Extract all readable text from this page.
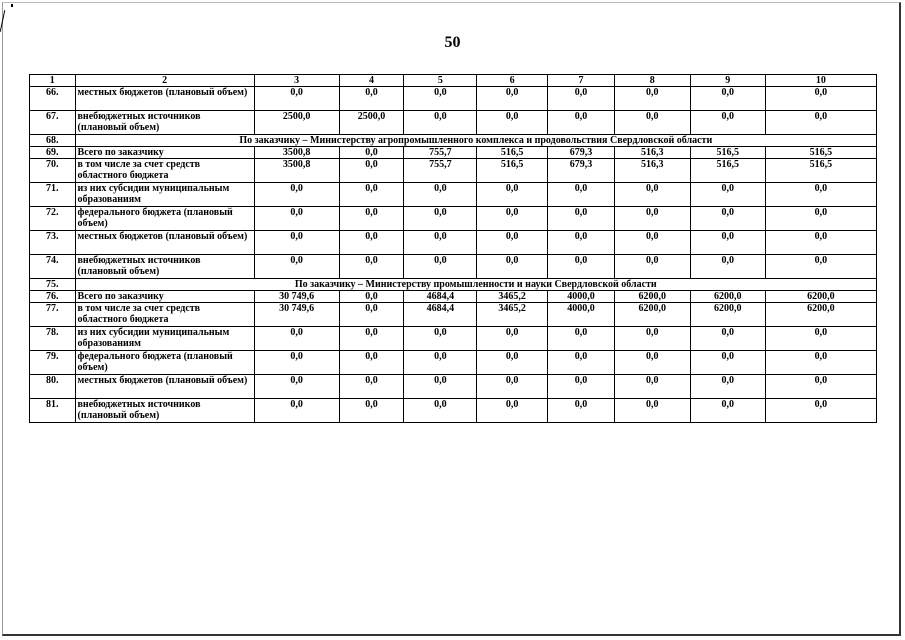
50
1	2	3	4	5	6	7	8	9	10
66.	местных бюджетов (плановый объем)	0,0	0,0	0,0	0,0	0,0	0,0	0,0	0,0
67.	внебюджетных источников (плановый объем)	2500,0	2500,0	0,0	0,0	0,0	0,0	0,0	0,0
68.	По заказчику – Министерству агропромышленного комплекса и продовольствия Свердловской области								
69.	Всего по заказчику	3500,8	0,0	755,7	516,5	679,3	516,3	516,5	516,5
70.	в том числе за счет средств областного бюджета	3500,8	0,0	755,7	516,5	679,3	516,3	516,5	516,5
71.	из них субсидии муниципальным образованиям	0,0	0,0	0,0	0,0	0,0	0,0	0,0	0,0
72.	федерального бюджета (плановый объем)	0,0	0,0	0,0	0,0	0,0	0,0	0,0	0,0
73.	местных бюджетов (плановый объем)	0,0	0,0	0,0	0,0	0,0	0,0	0,0	0,0
74.	внебюджетных источников (плановый объем)	0,0	0,0	0,0	0,0	0,0	0,0	0,0	0,0
75.	По заказчику – Министерству промышленности и науки Свердловской области								
76.	Всего по заказчику	30 749,6	0,0	4684,4	3465,2	4000,0	6200,0	6200,0	6200,0
77.	в том числе за счет средств областного бюджета	30 749,6	0,0	4684,4	3465,2	4000,0	6200,0	6200,0	6200,0
78.	из них субсидии муниципальным образованиям	0,0	0,0	0,0	0,0	0,0	0,0	0,0	0,0
79.	федерального бюджета (плановый объем)	0,0	0,0	0,0	0,0	0,0	0,0	0,0	0,0
80.	местных бюджетов (плановый объем)	0,0	0,0	0,0	0,0	0,0	0,0	0,0	0,0
81.	внебюджетных источников (плановый объем)	0,0	0,0	0,0	0,0	0,0	0,0	0,0	0,0
